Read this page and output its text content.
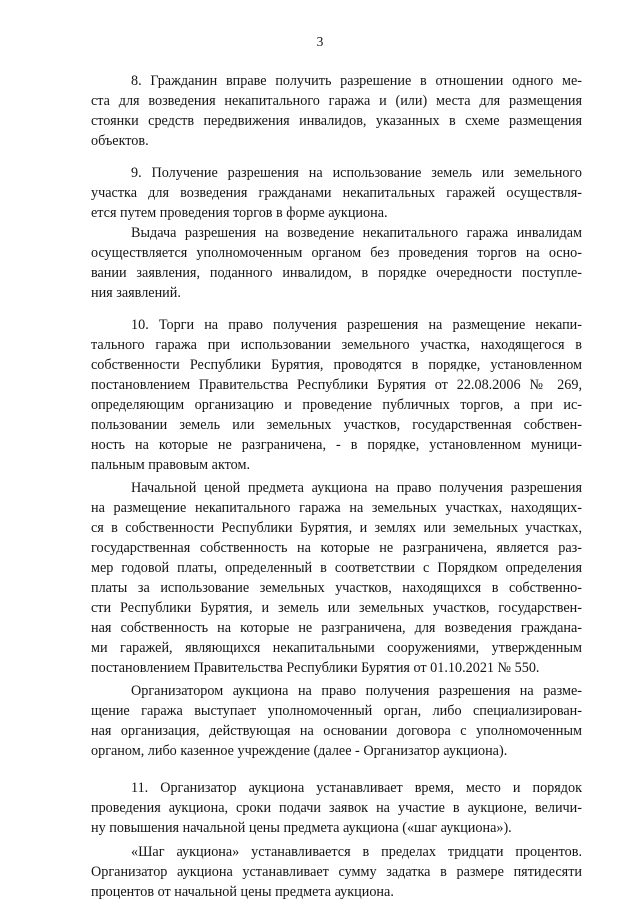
3
8. Гражданин вправе получить разрешение в отношении одного ме-
ста для возведения некапитального гаража и (или) места для размещения
стоянки средств передвижения инвалидов, указанных в схеме размещения
объектов.
9. Получение разрешения на использование земель или земельного
участка для возведения гражданами некапитальных гаражей осуществля-
ется путем проведения торгов в форме аукциона.
Выдача разрешения на возведение некапитального гаража инвалидам
осуществляется уполномоченным органом без проведения торгов на осно-
вании заявления, поданного инвалидом, в порядке очередности поступле-
ния заявлений.
10. Торги на право получения разрешения на размещение некапи-
тального гаража при использовании земельного участка, находящегося в
собственности Республики Бурятия, проводятся в порядке, установленном
постановлением Правительства Республики Бурятия от 22.08.2006 № 269,
определяющим организацию и проведение публичных торгов, а при ис-
пользовании земель или земельных участков, государственная собствен-
ность на которые не разграничена, - в порядке, установленном муници-
пальным правовым актом.
Начальной ценой предмета аукциона на право получения разрешения
на размещение некапитального гаража на земельных участках, находящих-
ся в собственности Республики Бурятия, и землях или земельных участках,
государственная собственность на которые не разграничена, является раз-
мер годовой платы, определенный в соответствии с Порядком определения
платы за использование земельных участков, находящихся в собственно-
сти Республики Бурятия, и земель или земельных участков, государствен-
ная собственность на которые не разграничена, для возведения граждана-
ми гаражей, являющихся некапитальными сооружениями, утвержденным
постановлением Правительства Республики Бурятия от 01.10.2021 № 550.
Организатором аукциона на право получения разрешения на разме-
щение гаража выступает уполномоченный орган, либо специализирован-
ная организация, действующая на основании договора с уполномоченным
органом, либо казенное учреждение (далее - Организатор аукциона).
11. Организатор аукциона устанавливает время, место и порядок
проведения аукциона, сроки подачи заявок на участие в аукционе, величи-
ну повышения начальной цены предмета аукциона («шаг аукциона»).
«Шаг аукциона» устанавливается в пределах тридцати процентов.
Организатор аукциона устанавливает сумму задатка в размере пятидесяти
процентов от начальной цены предмета аукциона.
